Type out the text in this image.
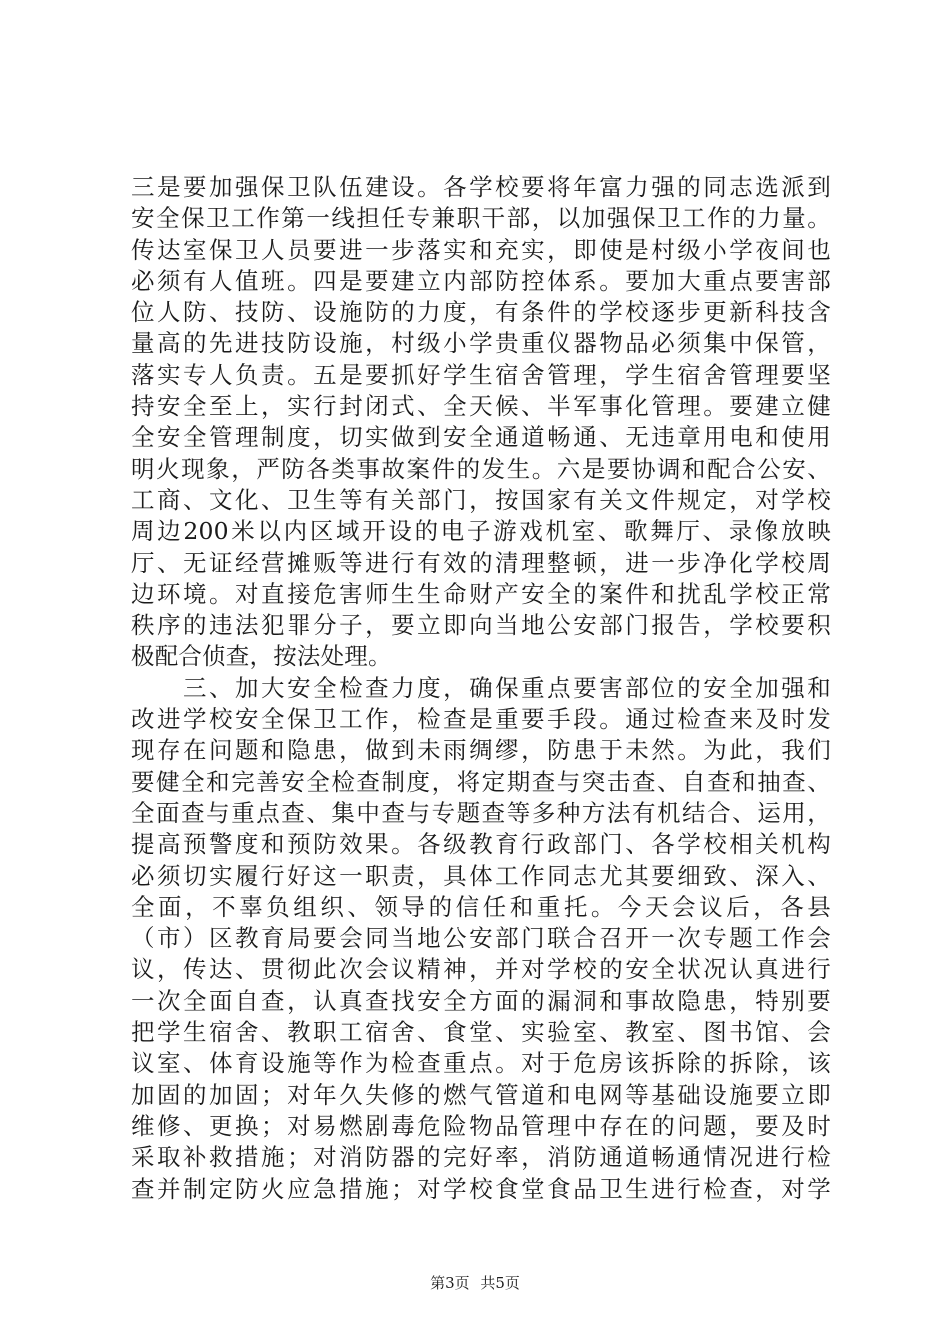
三是要加强保卫队伍建设。各学校要将年富力强的同志选派到
安全保卫工作第一线担任专兼职干部，以加强保卫工作的力量。
传达室保卫人员要进一步落实和充实，即使是村级小学夜间也
必须有人值班。四是要建立内部防控体系。要加大重点要害部
位人防、技防、设施防的力度，有条件的学校逐步更新科技含
量高的先进技防设施，村级小学贵重仪器物品必须集中保管，
落实专人负责。五是要抓好学生宿舍管理，学生宿舍管理要坚
持安全至上，实行封闭式、全天候、半军事化管理。要建立健
全安全管理制度，切实做到安全通道畅通、无违章用电和使用
明火现象，严防各类事故案件的发生。六是要协调和配合公安、
工商、文化、卫生等有关部门，按国家有关文件规定，对学校
周边200米以内区域开设的电子游戏机室、歌舞厅、录像放映
厅、无证经营摊贩等进行有效的清理整顿，进一步净化学校周
边环境。对直接危害师生生命财产安全的案件和扰乱学校正常
秩序的违法犯罪分子，要立即向当地公安部门报告，学校要积
极配合侦查，按法处理。
　　三、加大安全检查力度，确保重点要害部位的安全加强和
改进学校安全保卫工作，检查是重要手段。通过检查来及时发
现存在问题和隐患，做到未雨绸缪，防患于未然。为此，我们
要健全和完善安全检查制度，将定期查与突击查、自查和抽查、
全面查与重点查、集中查与专题查等多种方法有机结合、运用，
提高预警度和预防效果。各级教育行政部门、各学校相关机构
必须切实履行好这一职责，具体工作同志尤其要细致、深入、
全面，不辜负组织、领导的信任和重托。今天会议后，各县
（市）区教育局要会同当地公安部门联合召开一次专题工作会
议，传达、贯彻此次会议精神，并对学校的安全状况认真进行
一次全面自查，认真查找安全方面的漏洞和事故隐患，特别要
把学生宿舍、教职工宿舍、食堂、实验室、教室、图书馆、会
议室、体育设施等作为检查重点。对于危房该拆除的拆除，该
加固的加固；对年久失修的燃气管道和电网等基础设施要立即
维修、更换；对易燃剧毒危险物品管理中存在的问题，要及时
采取补救措施；对消防器的完好率，消防通道畅通情况进行检
查并制定防火应急措施；对学校食堂食品卫生进行检查，对学
第3页 共5页
